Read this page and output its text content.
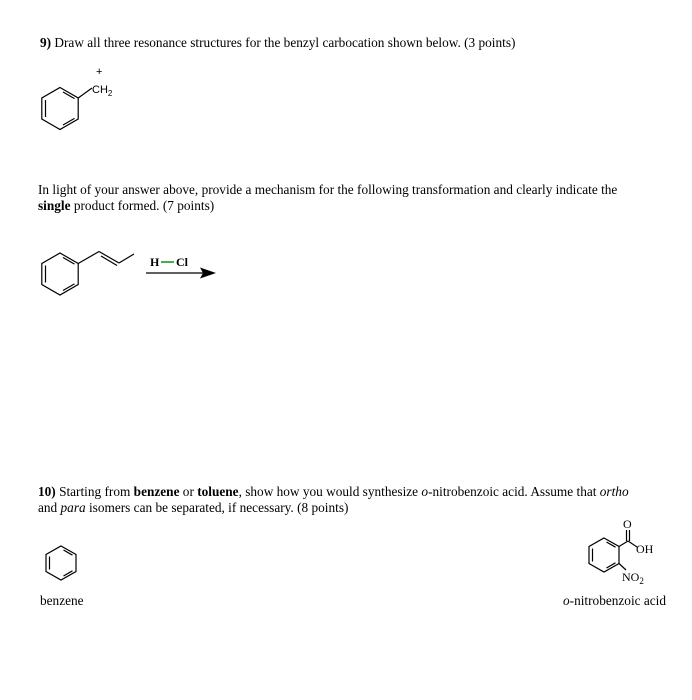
9) Draw all three resonance structures for the benzyl carbocation shown below. (3 points)
+
$CH_2$
In light of your answer above, provide a mechanism for the following transformation and clearly indicate the
single product formed. (7 points)
H Cl
10) Starting from benzene or toluene, show how you would synthesize o-nitrobenzoic acid. Assume that ortho
and para isomers can be separated, if necessary. (8 points)
O
OH
$NO_2$
benzene	o-nitrobenzoic acid
